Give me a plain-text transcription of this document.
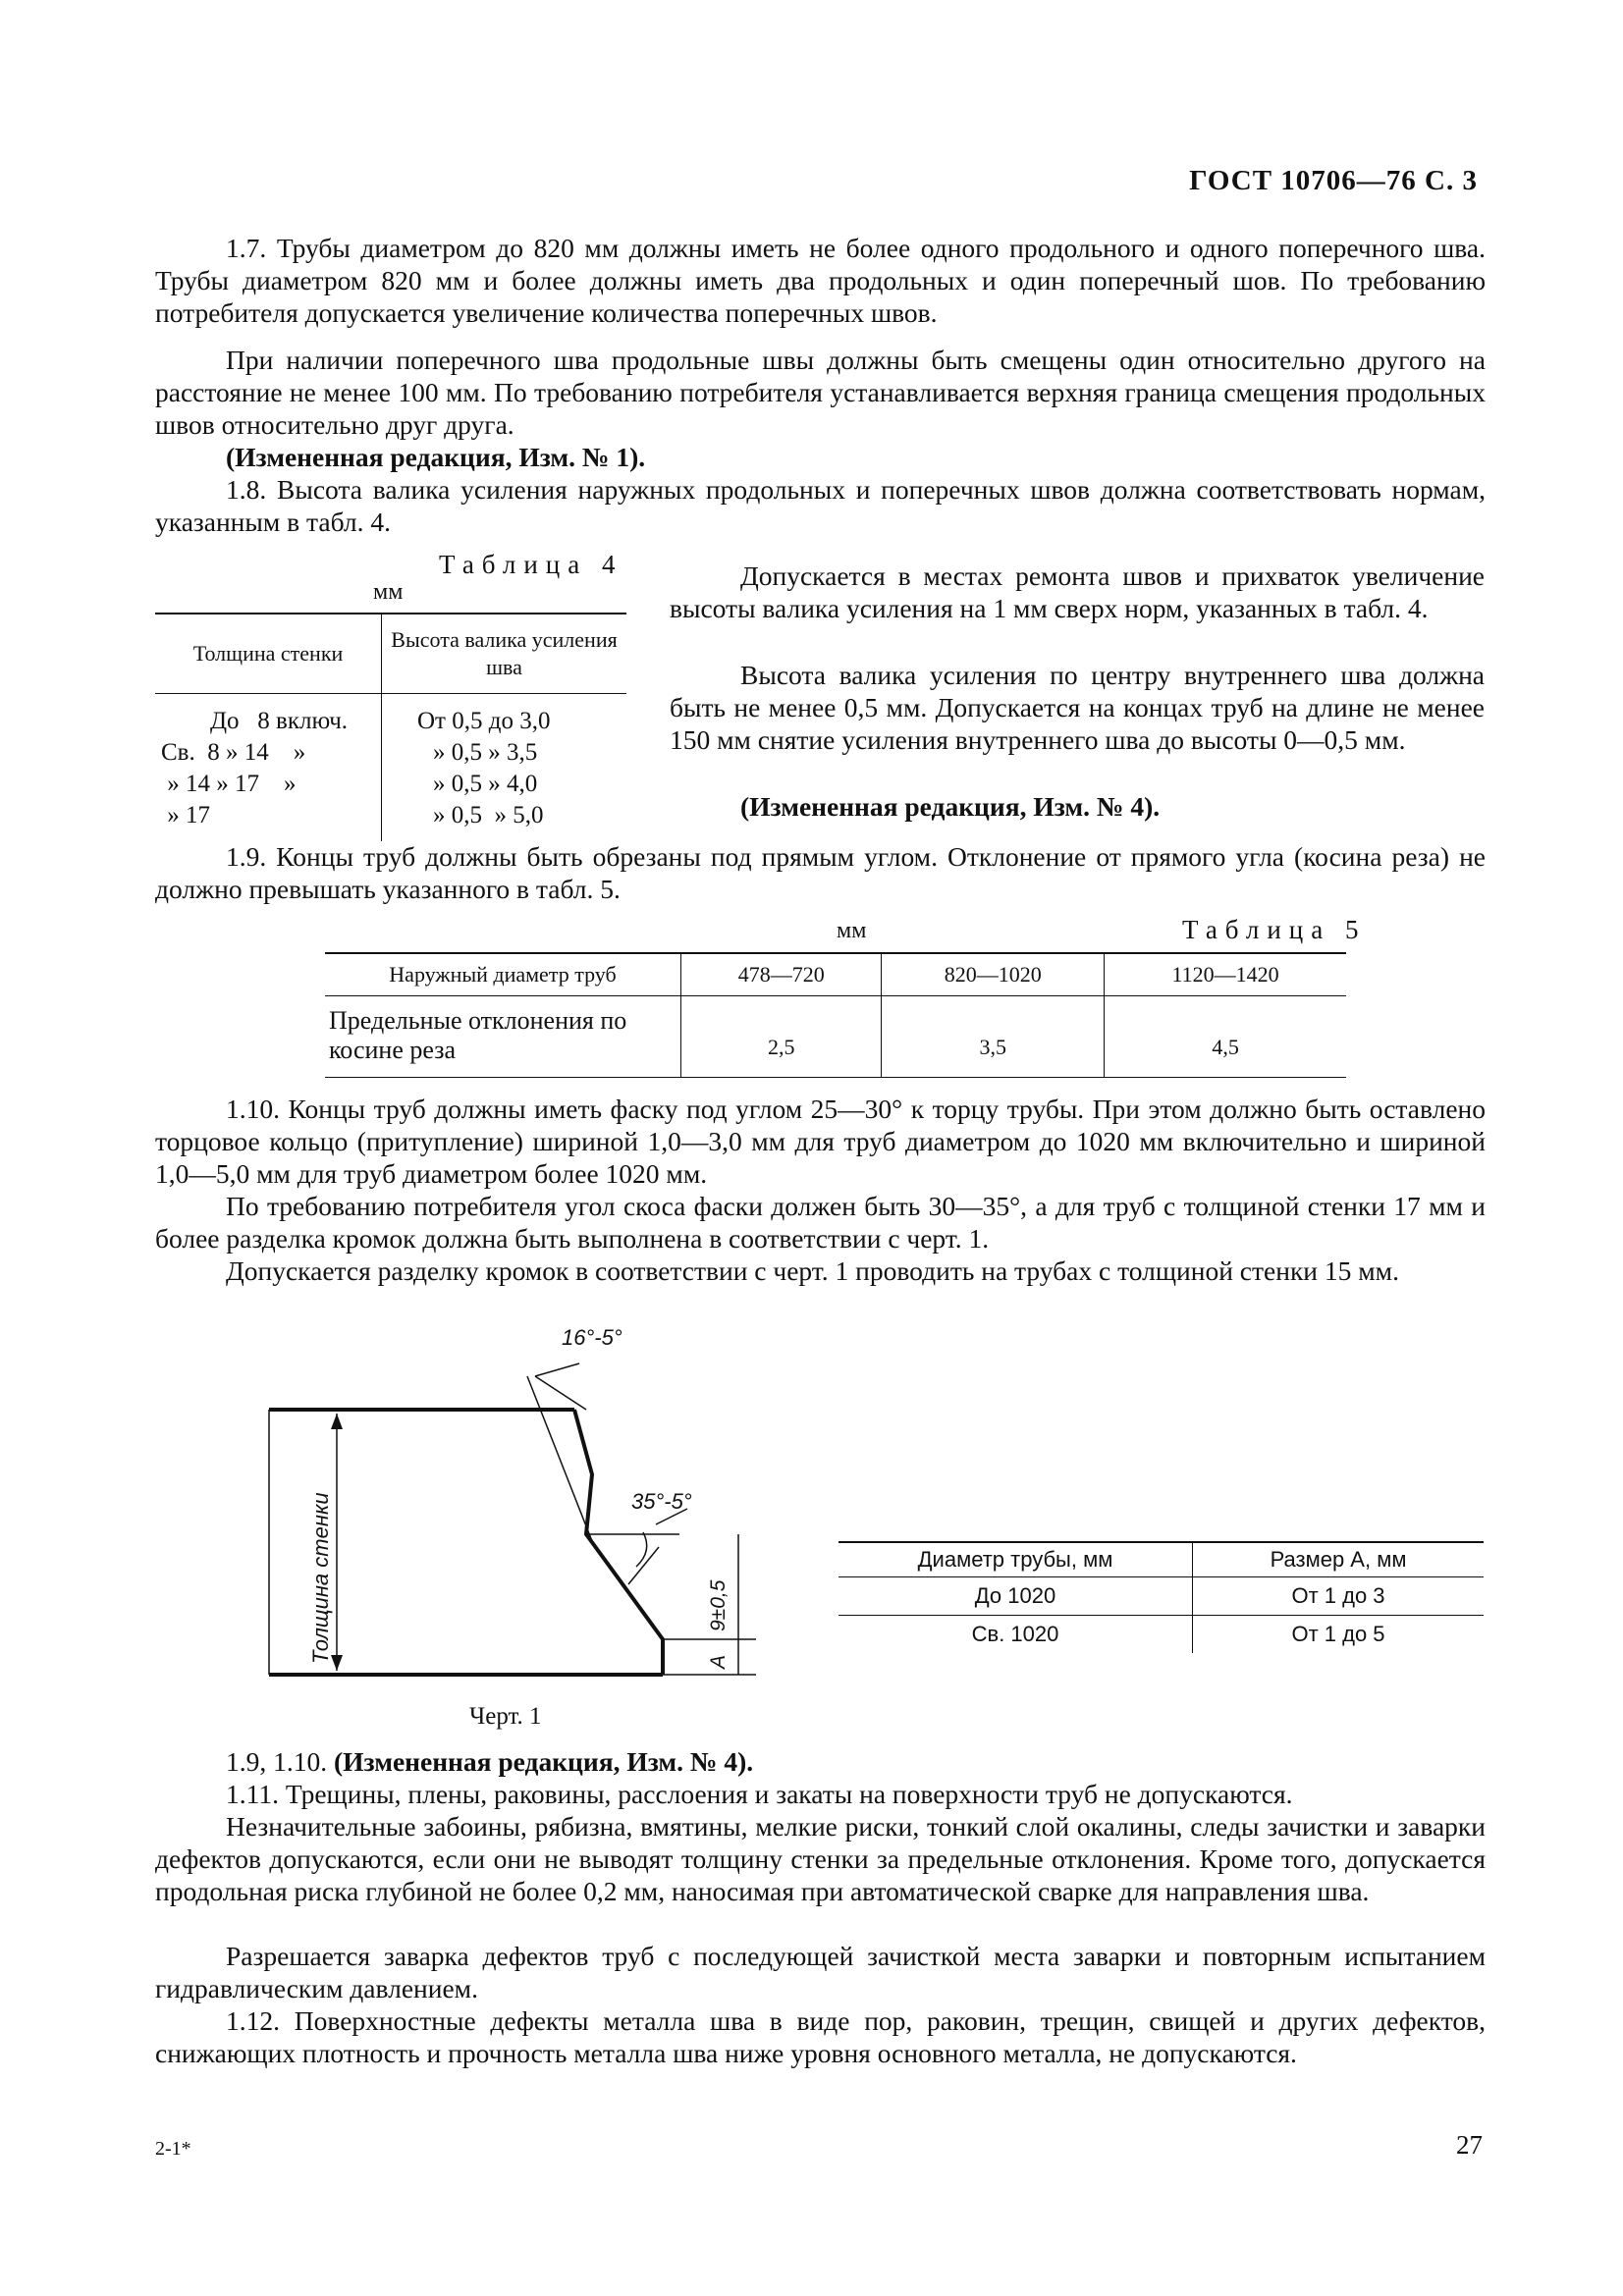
ГОСТ 10706—76 С. 3

1.7. Трубы диаметром до 820 мм должны иметь не более одного продольного и одного поперечного шва. Трубы диаметром 820 мм и более должны иметь два продольных и один поперечный шов. По требованию потребителя допускается увеличение количества поперечных швов.

При наличии поперечного шва продольные швы должны быть смещены один относительно другого на расстояние не менее 100 мм. По требованию потребителя устанавливается верхняя граница смещения продольных швов относительно друг друга.

(Измененная редакция, Изм. № 1).

1.8. Высота валика усиления наружных продольных и поперечных швов должна соответствовать нормам, указанным в табл. 4.

Таблица 4
мм
Толщина стенки	Высота валика усиления шва
До   8 включ.	От 0,5 до 3,0
Св.  8 » 14    »	» 0,5 » 3,5
» 14 » 17    »	» 0,5 » 4,0
» 17	» 0,5  » 5,0

Допускается в местах ремонта швов и прихваток увеличение высоты валика усиления на 1 мм сверх норм, указанных в табл. 4.

Высота валика усиления по центру внутреннего шва должна быть не менее 0,5 мм. Допускается на концах труб на длине не менее 150 мм снятие усиления внутреннего шва до высоты 0—0,5 мм.

(Измененная редакция, Изм. № 4).

1.9. Концы труб должны быть обрезаны под прямым углом. Отклонение от прямого угла (косина реза) не должно превышать указанного в табл. 5.

мм	Таблица 5
Наружный диаметр труб	478—720	820—1020	1120—1420
Предельные отклонения по косине реза	2,5	3,5	4,5

1.10. Концы труб должны иметь фаску под углом 25—30° к торцу трубы. При этом должно быть оставлено торцовое кольцо (притупление) шириной 1,0—3,0 мм для труб диаметром до 1020 мм включительно и шириной 1,0—5,0 мм для труб диаметром более 1020 мм.

По требованию потребителя угол скоса фаски должен быть 30—35°, а для труб с толщиной стенки 17 мм и более разделка кромок должна быть выполнена в соответствии с черт. 1.

Допускается разделку кромок в соответствии с черт. 1 проводить на трубах с толщиной стенки 15 мм.

16°-5°
35°-5°
Толщина стенки	9±0,5
A
Диаметр трубы, мм	Размер А, мм
До 1020	От 1 до 3
Св. 1020	От 1 до 5
Черт. 1

1.9, 1.10. (Измененная редакция, Изм. № 4).

1.11. Трещины, плены, раковины, расслоения и закаты на поверхности труб не допускаются.

Незначительные забоины, рябизна, вмятины, мелкие риски, тонкий слой окалины, следы зачистки и заварки дефектов допускаются, если они не выводят толщину стенки за предельные отклонения. Кроме того, допускается продольная риска глубиной не более 0,2 мм, наносимая при автоматической сварке для направления шва.

Разрешается заварка дефектов труб с последующей зачисткой места заварки и повторным испытанием гидравлическим давлением.

1.12. Поверхностные дефекты металла шва в виде пор, раковин, трещин, свищей и других дефектов, снижающих плотность и прочность металла шва ниже уровня основного металла, не допускаются.

2-1*	27
